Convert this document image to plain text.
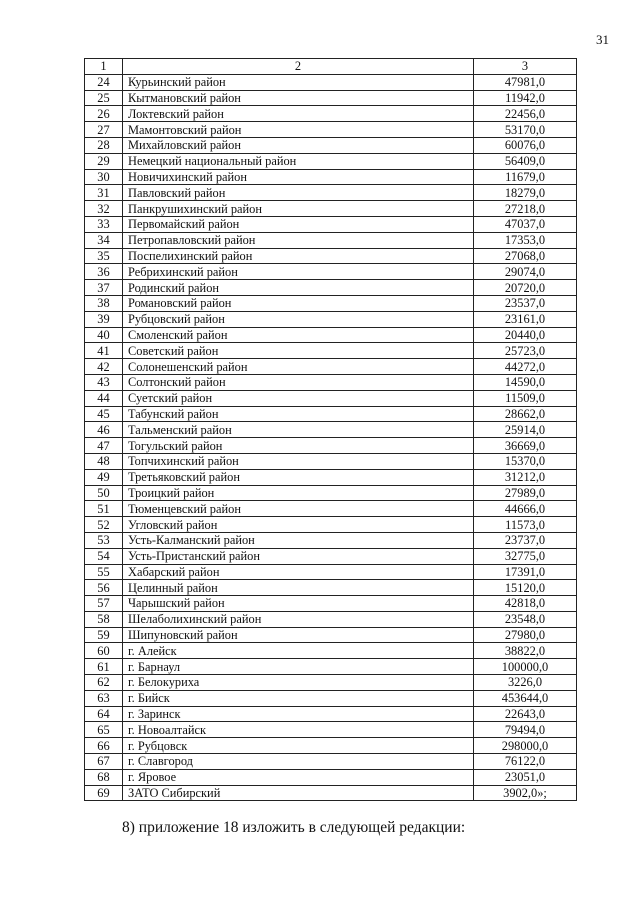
31
1	2	3
24	Курьинский район	47981,0
25	Кытмановский район	11942,0
26	Локтевский район	22456,0
27	Мамонтовский район	53170,0
28	Михайловский район	60076,0
29	Немецкий национальный район	56409,0
30	Новичихинский район	11679,0
31	Павловский район	18279,0
32	Панкрушихинский район	27218,0
33	Первомайский район	47037,0
34	Петропавловский район	17353,0
35	Поспелихинский район	27068,0
36	Ребрихинский район	29074,0
37	Родинский район	20720,0
38	Романовский район	23537,0
39	Рубцовский район	23161,0
40	Смоленский район	20440,0
41	Советский район	25723,0
42	Солонешенский район	44272,0
43	Солтонский район	14590,0
44	Суетский район	11509,0
45	Табунский район	28662,0
46	Тальменский район	25914,0
47	Тогульский район	36669,0
48	Топчихинский район	15370,0
49	Третьяковский район	31212,0
50	Троицкий район	27989,0
51	Тюменцевский район	44666,0
52	Угловский район	11573,0
53	Усть-Калманский район	23737,0
54	Усть-Пристанский район	32775,0
55	Хабарский район	17391,0
56	Целинный район	15120,0
57	Чарышский район	42818,0
58	Шелаболихинский район	23548,0
59	Шипуновский район	27980,0
60	г. Алейск	38822,0
61	г. Барнаул	100000,0
62	г. Белокуриха	3226,0
63	г. Бийск	453644,0
64	г. Заринск	22643,0
65	г. Новоалтайск	79494,0
66	г. Рубцовск	298000,0
67	г. Славгород	76122,0
68	г. Яровое	23051,0
69	ЗАТО Сибирский	3902,0»;
8) приложение 18 изложить в следующей редакции:
